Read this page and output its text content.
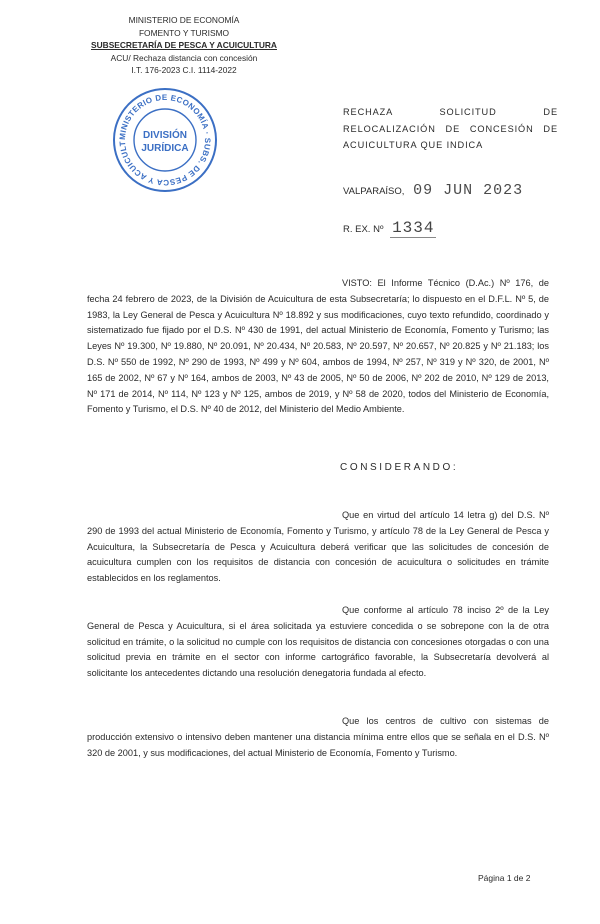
MINISTERIO DE ECONOMÍA
FOMENTO Y TURISMO
SUBSECRETARÍA DE PESCA Y ACUICULTURA
ACU/ Rechaza distancia con concesión
I.T. 176-2023 C.I. 1114-2022
MINISTERIO DE ECONOMÍA · SUBS. DE PESCA Y ACUICULT
DIVISIÓN
JURÍDICA
RECHAZA SOLICITUD DE RELOCALIZACIÓN DE CONCESIÓN DE ACUICULTURA QUE INDICA
VALPARAÍSO, 09 JUN 2023
R. EX. Nº 1334
VISTO: El Informe Técnico (D.Ac.) Nº 176, de fecha 24 febrero de 2023, de la División de Acuicultura de esta Subsecretaría; lo dispuesto en el D.F.L. Nº 5, de 1983, la Ley General de Pesca y Acuicultura Nº 18.892 y sus modificaciones, cuyo texto refundido, coordinado y sistematizado fue fijado por el D.S. Nº 430 de 1991, del actual Ministerio de Economía, Fomento y Turismo; las Leyes Nº 19.300, Nº 19.880, Nº 20.091, Nº 20.434, Nº 20.583, Nº 20.597, Nº 20.657, Nº 20.825 y Nº 21.183; los D.S. Nº 550 de 1992, Nº 290 de 1993, Nº 499 y Nº 604, ambos de 1994, Nº 257, Nº 319 y Nº 320, de 2001, Nº 165 de 2002, Nº 67 y Nº 164, ambos de 2003, Nº 43 de 2005, Nº 50 de 2006, Nº 202 de 2010, Nº 129 de 2013, Nº 171 de 2014, Nº 114, Nº 123 y Nº 125, ambos de 2019, y Nº 58 de 2020, todos del Ministerio de Economía, Fomento y Turismo, el D.S. Nº 40 de 2012, del Ministerio del Medio Ambiente.
CONSIDERANDO:
Que en virtud del artículo 14 letra g) del D.S. Nº 290 de 1993 del actual Ministerio de Economía, Fomento y Turismo, y artículo 78 de la Ley General de Pesca y Acuicultura, la Subsecretaría de Pesca y Acuicultura deberá verificar que las solicitudes de concesión de acuicultura cumplen con los requisitos de distancia con concesión de acuicultura o solicitudes en trámite establecidos en los reglamentos.
Que conforme al artículo 78 inciso 2º de la Ley General de Pesca y Acuicultura, si el área solicitada ya estuviere concedida o se sobrepone con la de otra solicitud en trámite, o la solicitud no cumple con los requisitos de distancia con concesiones otorgadas o con una solicitud previa en trámite en el sector con informe cartográfico favorable, la Subsecretaría devolverá al solicitante los antecedentes dictando una resolución denegatoria fundada al efecto.
Que los centros de cultivo con sistemas de producción extensivo o intensivo deben mantener una distancia mínima entre ellos que se señala en el D.S. Nº 320 de 2001, y sus modificaciones, del actual Ministerio de Economía, Fomento y Turismo.
Página 1 de 2
